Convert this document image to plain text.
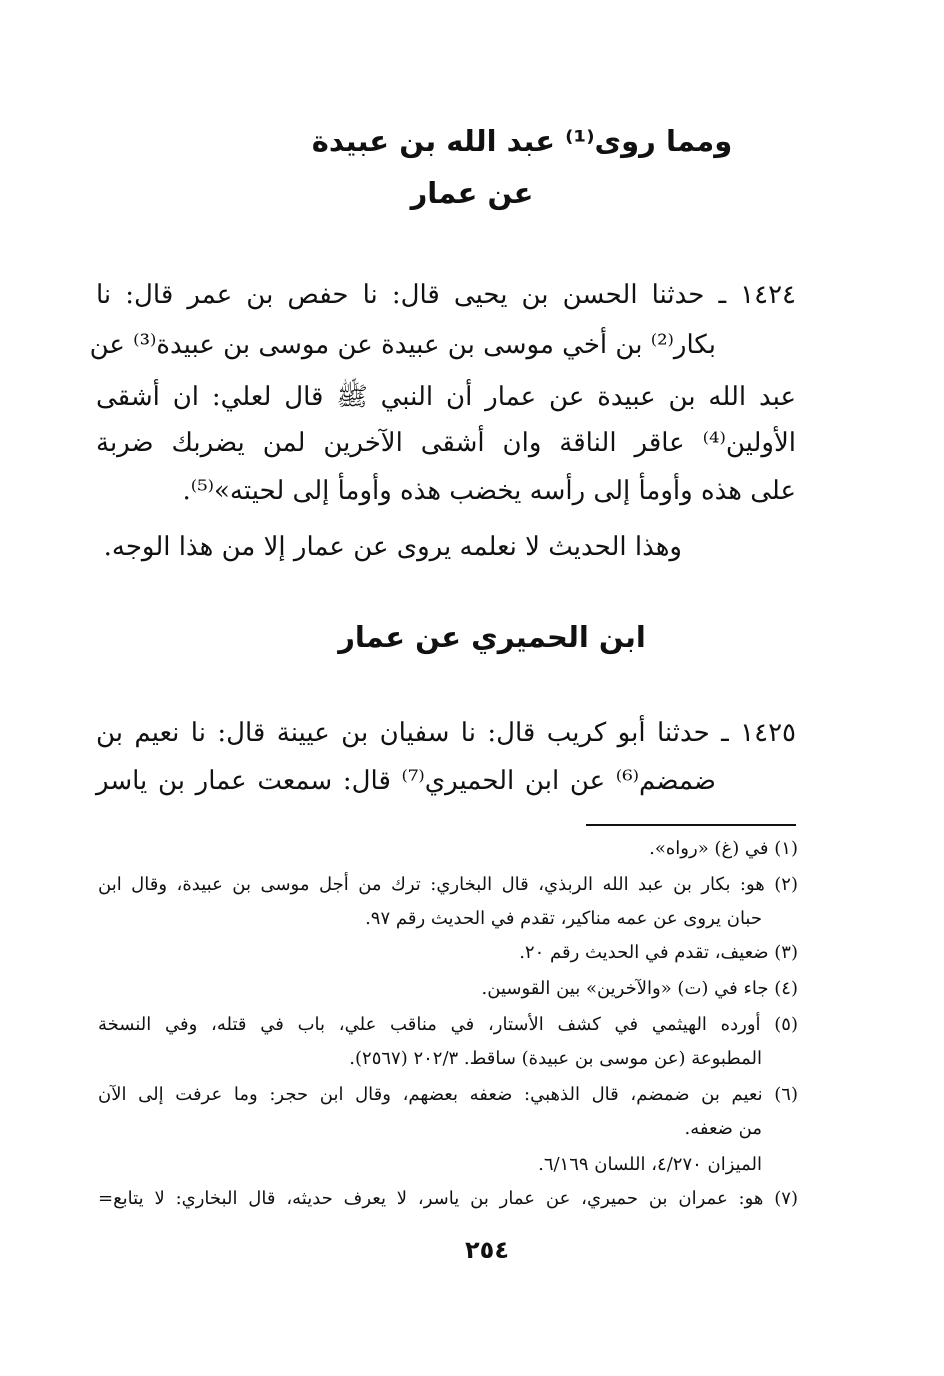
ومما روى⁽¹⁾ عبد الله بن عبيدة
عن عمار
١٤٢٤ ـ حدثنا الحسن بن يحيى قال: نا حفص بن عمر قال: نا
بكار⁽²⁾ بن أخي موسى بن عبيدة عن موسى بن عبيدة⁽³⁾ عن
عبد الله بن عبيدة عن عمار أن النبي ﷺ قال لعلي: ان أشقى
الأولين⁽⁴⁾ عاقر الناقة وان أشقى الآخرين لمن يضربك ضربة
على هذه وأومأ إلى رأسه يخضب هذه وأومأ إلى لحيته»⁽⁵⁾.
وهذا الحديث لا نعلمه يروى عن عمار إلا من هذا الوجه.
ابن الحميري عن عمار
١٤٢٥ ـ حدثنا أبو كريب قال: نا سفيان بن عيينة قال: نا نعيم بن
ضمضم⁽⁶⁾ عن ابن الحميري⁽⁷⁾ قال: سمعت عمار بن ياسر
(١) في (غ) «رواه».
(٢) هو: بكار بن عبد الله الربذي، قال البخاري: ترك من أجل موسى بن عبيدة، وقال ابن
حبان يروى عن عمه مناكير، تقدم في الحديث رقم ٩٧.
(٣) ضعيف، تقدم في الحديث رقم ٢٠.
(٤) جاء في (ت) «والآخرين» بين القوسين.
(٥) أورده الهيثمي في كشف الأستار، في مناقب علي، باب في قتله، وفي النسخة
المطبوعة (عن موسى بن عبيدة) ساقط. ٢٠٢/٣ (٢٥٦٧).
(٦) نعيم بن ضمضم، قال الذهبي: ضعفه بعضهم، وقال ابن حجر: وما عرفت إلى الآن
من ضعفه.
الميزان ٤/٢٧٠، اللسان ٦/١٦٩.
(٧) هو: عمران بن حميري، عن عمار بن ياسر، لا يعرف حديثه، قال البخاري: لا يتابع=
٢٥٤
